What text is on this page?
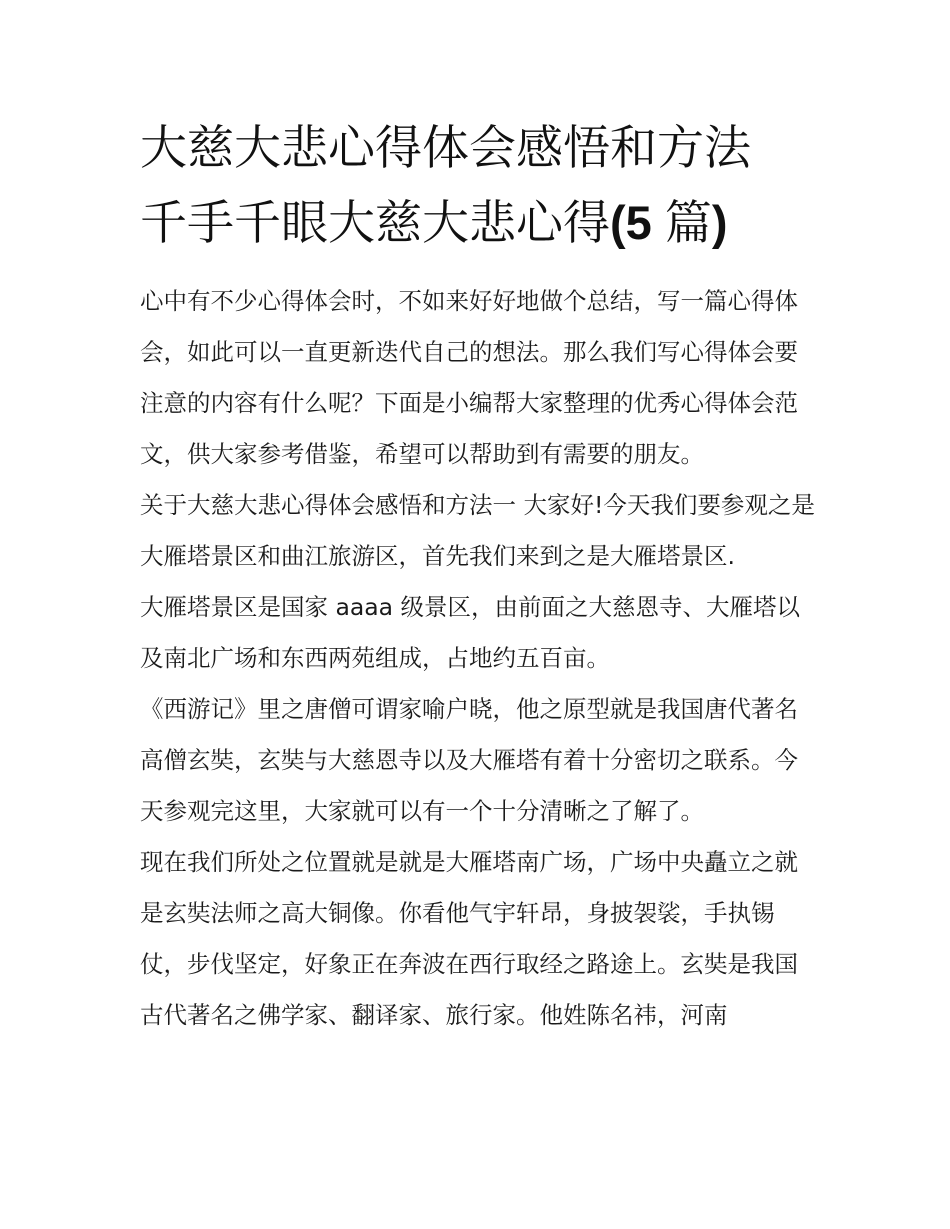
大慈大悲心得体会感悟和方法
千手千眼大慈大悲心得(5 篇)

心中有不少心得体会时，不如来好好地做个总结，写一篇心得体会，如此可以一直更新迭代自己的想法。那么我们写心得体会要注意的内容有什么呢？下面是小编帮大家整理的优秀心得体会范文，供大家参考借鉴，希望可以帮助到有需要的朋友。

关于大慈大悲心得体会感悟和方法一 大家好!今天我们要参观之是大雁塔景区和曲江旅游区，首先我们来到之是大雁塔景区.

大雁塔景区是国家 aaaa 级景区，由前面之大慈恩寺、大雁塔以及南北广场和东西两苑组成，占地约五百亩。

《西游记》里之唐僧可谓家喻户晓，他之原型就是我国唐代著名高僧玄奘，玄奘与大慈恩寺以及大雁塔有着十分密切之联系。今天参观完这里，大家就可以有一个十分清晰之了解了。

现在我们所处之位置就是就是大雁塔南广场，广场中央矗立之就是玄奘法师之高大铜像。你看他气宇轩昂，身披袈裟，手执锡仗，步伐坚定，好象正在奔波在西行取经之路途上。玄奘是我国古代著名之佛学家、翻译家、旅行家。他姓陈名祎，河南
